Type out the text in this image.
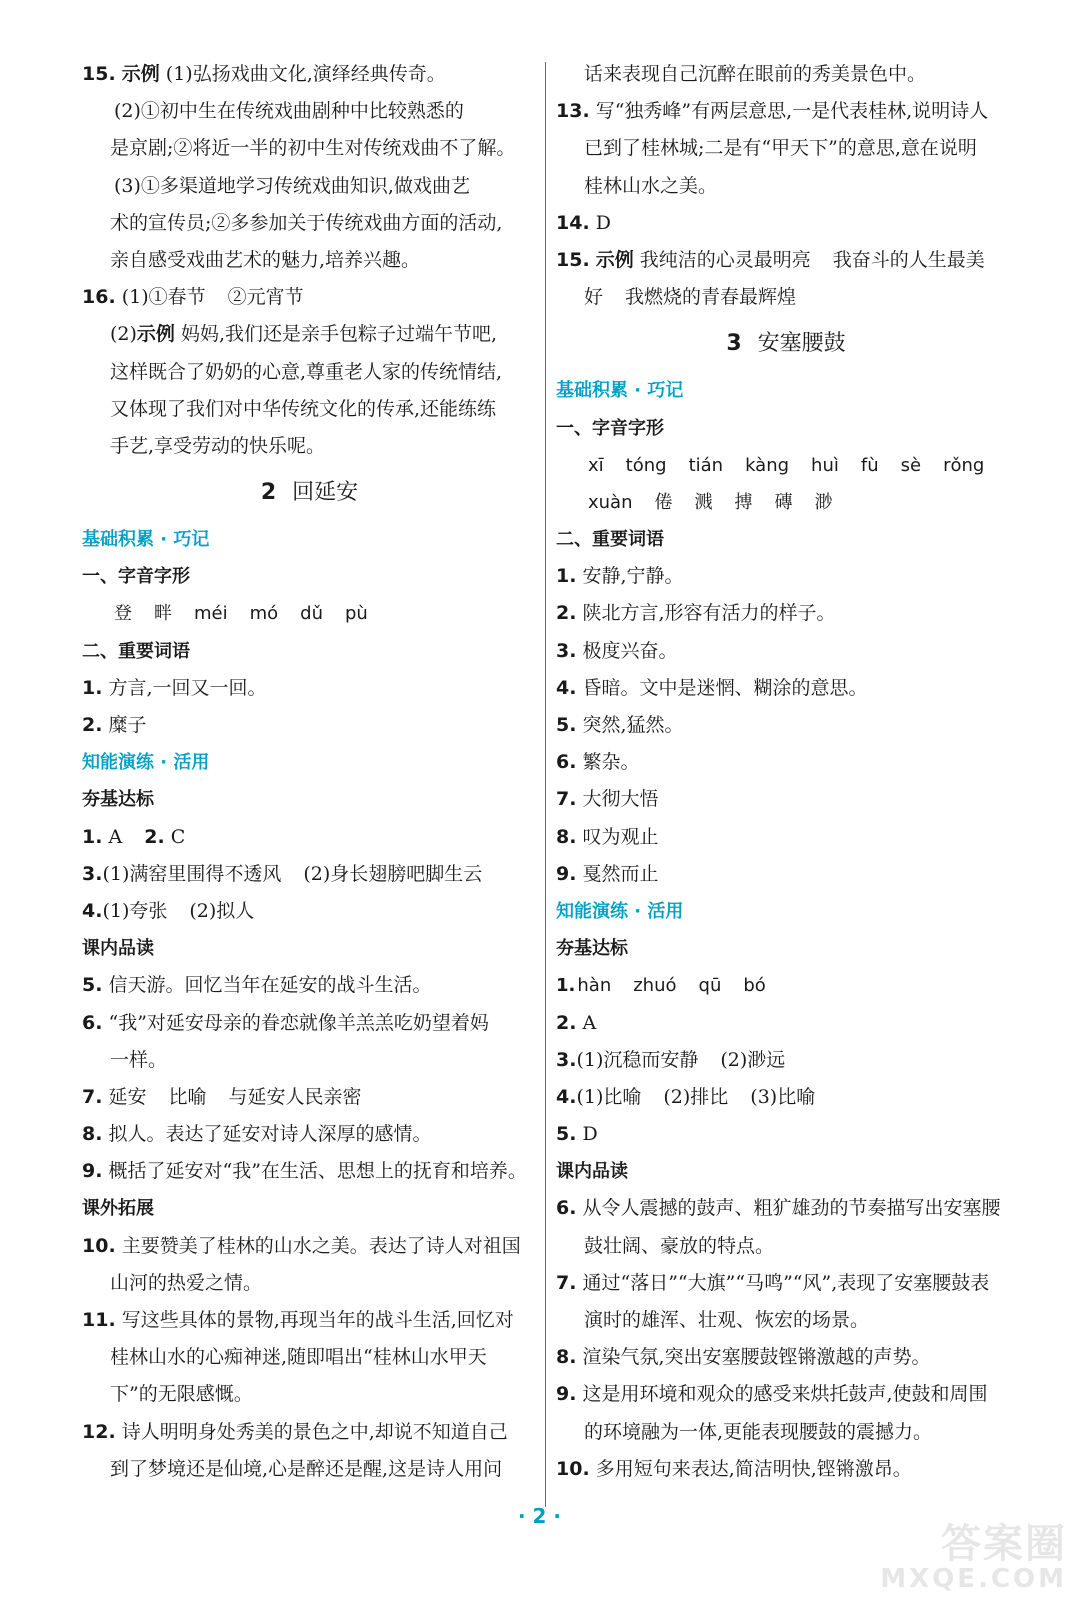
15. 示例 (1)弘扬戏曲文化,演绎经典传奇。
(2)①初中生在传统戏曲剧种中比较熟悉的
是京剧;②将近一半的初中生对传统戏曲不了解。
(3)①多渠道地学习传统戏曲知识,做戏曲艺
术的宣传员;②多参加关于传统戏曲方面的活动,
亲自感受戏曲艺术的魅力,培养兴趣。
16. (1)①春节 ②元宵节
(2)示例 妈妈,我们还是亲手包粽子过端午节吧,
这样既合了奶奶的心意,尊重老人家的传统情结,
又体现了我们对中华传统文化的传承,还能练练
手艺,享受劳动的快乐呢。
2 回延安
基础积累 · 巧记
一、字音字形
登 畔 méi mó dǔ pù
二、重要词语
1. 方言,一回又一回。
2. 糜子
知能演练 · 活用
夯基达标
1. A 2. C
3.(1)满窑里围得不透风 (2)身长翅膀吧脚生云
4.(1)夸张 (2)拟人
课内品读
5. 信天游。回忆当年在延安的战斗生活。
6. “我”对延安母亲的眷恋就像羊羔羔吃奶望着妈
一样。
7. 延安 比喻 与延安人民亲密
8. 拟人。表达了延安对诗人深厚的感情。
9. 概括了延安对“我”在生活、思想上的抚育和培养。
课外拓展
10. 主要赞美了桂林的山水之美。表达了诗人对祖国
山河的热爱之情。
11. 写这些具体的景物,再现当年的战斗生活,回忆对
桂林山水的心痴神迷,随即唱出“桂林山水甲天
下”的无限感慨。
12. 诗人明明身处秀美的景色之中,却说不知道自己
到了梦境还是仙境,心是醉还是醒,这是诗人用问
话来表现自己沉醉在眼前的秀美景色中。
13. 写“独秀峰”有两层意思,一是代表桂林,说明诗人
已到了桂林城;二是有“甲天下”的意思,意在说明
桂林山水之美。
14. D
15. 示例 我纯洁的心灵最明亮 我奋斗的人生最美
好 我燃烧的青春最辉煌
3 安塞腰鼓
基础积累 · 巧记
一、字音字形
xī tóng tián kàng huì fù sè rǒng
xuàn 倦 溅 搏 磚 渺
二、重要词语
1. 安静,宁静。
2. 陕北方言,形容有活力的样子。
3. 极度兴奋。
4. 昏暗。文中是迷惘、糊涂的意思。
5. 突然,猛然。
6. 繁杂。
7. 大彻大悟
8. 叹为观止
9. 戛然而止
知能演练 · 活用
夯基达标
1. hàn zhuó qū bó
2. A
3.(1)沉稳而安静 (2)渺远
4.(1)比喻 (2)排比 (3)比喻
5. D
课内品读
6. 从令人震撼的鼓声、粗犷雄劲的节奏描写出安塞腰
鼓壮阔、豪放的特点。
7. 通过“落日”“大旗”“马鸣”“风”,表现了安塞腰鼓表
演时的雄浑、壮观、恢宏的场景。
8. 渲染气氛,突出安塞腰鼓铿锵激越的声势。
9. 这是用环境和观众的感受来烘托鼓声,使鼓和周围
的环境融为一体,更能表现腰鼓的震撼力。
10. 多用短句来表达,简洁明快,铿锵激昂。
· 2 ·
答案圈
MXQE.COM
